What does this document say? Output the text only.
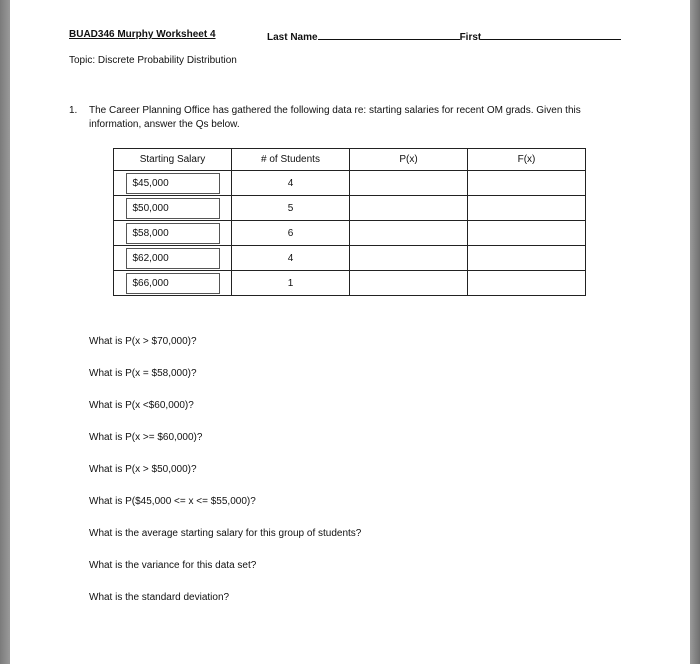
BUAD346 Murphy Worksheet 4	Last Name	First
Topic: Discrete Probability Distribution
1. The Career Planning Office has gathered the following data re: starting salaries for recent OM grads. Given this information, answer the Qs below.
Starting Salary	# of Students	P(x)	F(x)
$45,000	4		
$50,000	5		
$58,000	6		
$62,000	4		
$66,000	1		
What is P(x > $70,000)?
What is P(x = $58,000)?
What is P(x <$60,000)?
What is P(x >= $60,000)?
What is P(x > $50,000)?
What is P($45,000 <= x <= $55,000)?
What is the average starting salary for this group of students?
What is the variance for this data set?
What is the standard deviation?
